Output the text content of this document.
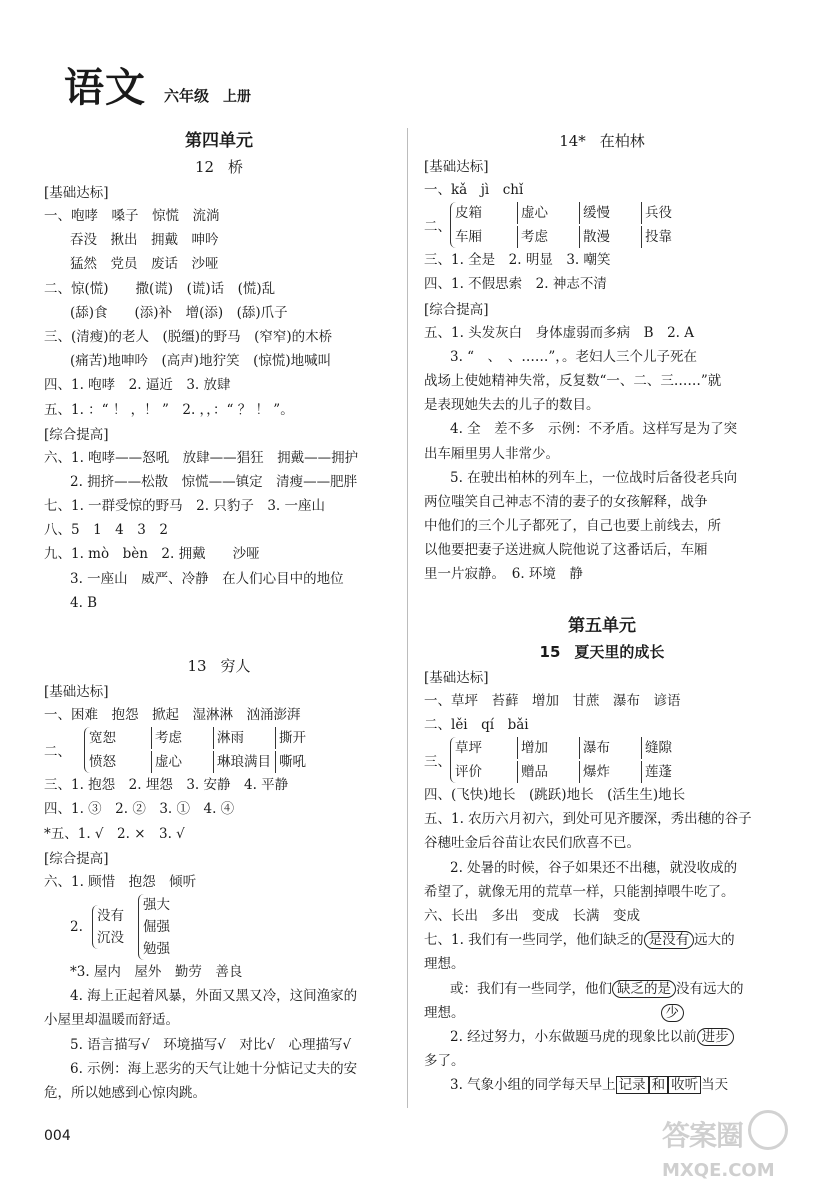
语文 六年级 上册
第四单元
12 桥
[基础达标]
一、咆哮　嗓子　惊慌　流淌
吞没　揪出　拥戴　呻吟
猛然　党员　废话　沙哑
二、惊(慌)　　撒(谎)　(谎)话　(慌)乱
(舔)食　　(添)补　增(添)　(舔)爪子
三、(清瘦)的老人　(脱缰)的野马　(窄窄)的木桥
(痛苦)地呻吟　(高声)地狞笑　(惊慌)地喊叫
四、1. 咆哮　2. 逼近　3. 放肆
五、1. ：“ ！ ，！ ”　2. ，，：“ ？ ！ ”。
[综合提高]
六、1. 咆哮——怒吼　放肆——猖狂　拥戴——拥护
2. 拥挤——松散　惊慌——镇定　清瘦——肥胖
七、1. 一群受惊的野马　2. 只豹子　3. 一座山
八、5　1　4　3　2
九、1. mò　bèn　2. 拥戴　　沙哑
3. 一座山　威严、冷静　在人们心目中的地位
4. B
13 穷人
[基础达标]
一、困难　抱怨　掀起　湿淋淋　汹涌澎湃
二、
宽恕	考虑	淋雨	撕开
愤怒	虚心	琳琅满目 嘶吼
三、1. 抱怨　2. 埋怨　3. 安静　4. 平静
四、1. ③　2. ②　3. ①　4. ④
*五、1. √　2. ×　3. √
[综合提高]
六、1. 顾惜　抱怨　倾听
2.
没有
沉没
强大
倔强
勉强
*3. 屋内　屋外　勤劳　善良
4. 海上正起着风暴，外面又黑又冷，这间渔家的
小屋里却温暖而舒适。
5. 语言描写√　环境描写√　对比√　心理描写√
6. 示例：海上恶劣的天气让她十分惦记丈夫的安
危，所以她感到心惊肉跳。
14* 在柏林
[基础达标]
一、kǎ　jì　chǐ
二、
皮箱	虚心	缓慢	兵役
车厢	考虑	散漫	投靠
三、1. 全是　2. 明显　3. 嘲笑
四、1. 不假思索　2. 神志不清
[综合提高]
五、1. 头发灰白　身体虚弱而多病　B　2. A
3. “　、　、……”，。老妇人三个儿子死在
战场上使她精神失常，反复数“一、二、三……”就
是表现她失去的儿子的数目。
4. 全　差不多　示例：不矛盾。这样写是为了突
出车厢里男人非常少。
5. 在驶出柏林的列车上，一位战时后备役老兵向
两位嗤笑自己神志不清的妻子的女孩解释，战争
中他们的三个儿子都死了，自己也要上前线去，所
以他要把妻子送进疯人院他说了这番话后，车厢
里一片寂静。　6. 环境　静
第五单元
15 夏天里的成长
[基础达标]
一、草坪　苔藓　增加　甘蔗　瀑布　谚语
二、lěi　qí　bǎi
三、
草坪	增加	瀑布	缝隙
评价	赠品	爆炸	莲蓬
四、(飞快)地长　(跳跃)地长　(活生生)地长
五、1. 农历六月初六，到处可见齐腰深，秀出穗的谷子
谷穗吐金后谷苗让农民们欣喜不已。
2. 处暑的时候，谷子如果还不出穗，就没收成的
希望了，就像无用的荒草一样，只能割掉喂牛吃了。
六、长出　多出　变成　长满　变成
七、1. 我们有一些同学，他们缺乏的 是没有 远大的
理想。
或：我们有一些同学，他们 缺乏的是 没有远大的
理想。	少
2. 经过努力，小东做题马虎的现象比以前 进步
多了。
3. 气象小组的同学每天早上 记录 和 收听 当天
004	答案圈
MXQE.COM
